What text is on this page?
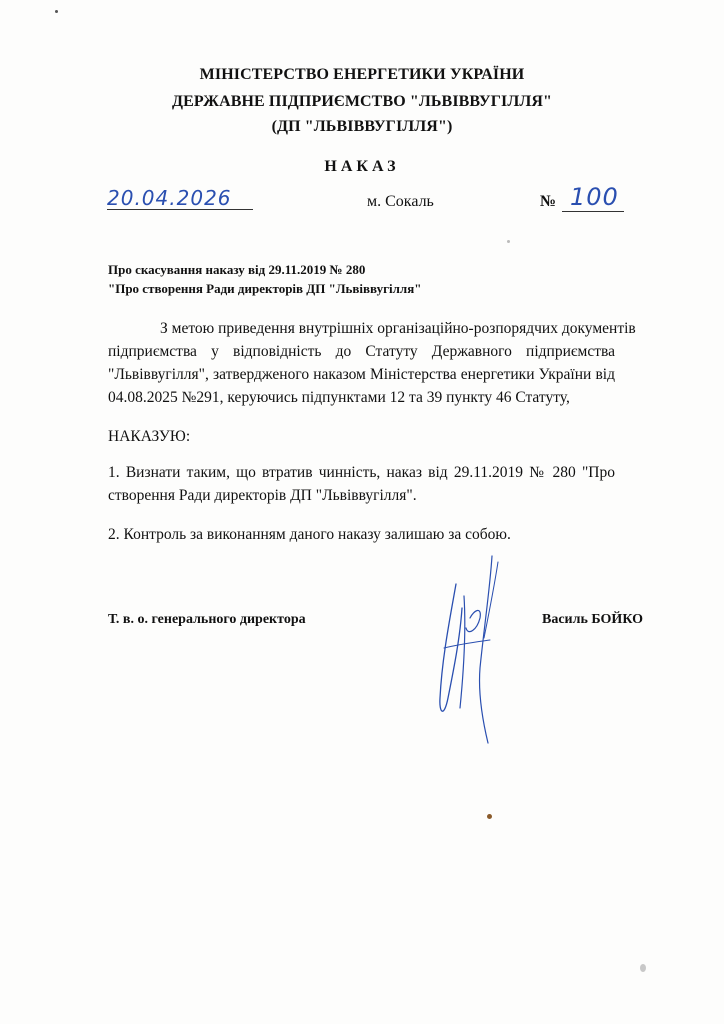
МІНІСТЕРСТВО ЕНЕРГЕТИКИ УКРАЇНИ
ДЕРЖАВНЕ ПІДПРИЄМСТВО "ЛЬВІВВУГІЛЛЯ"
(ДП "ЛЬВІВВУГІЛЛЯ")
НАКАЗ
20.04.2026	м. Сокаль	№ 100
Про скасування наказу від 29.11.2019 № 280
"Про створення Ради директорів ДП "Львіввугілля"
З метою приведення внутрішніх організаційно-розпорядчих документів
підприємства у відповідність до Статуту Державного підприємства
"Львіввугілля", затвердженого наказом Міністерства енергетики України від
04.08.2025 №291, керуючись підпунктами 12 та 39 пункту 46 Статуту,
НАКАЗУЮ:
1. Визнати таким, що втратив чинність, наказ від 29.11.2019 № 280 "Про
створення Ради директорів ДП "Львіввугілля".
2. Контроль за виконанням даного наказу залишаю за собою.
Т. в. о. генерального директора	Василь БОЙКО
